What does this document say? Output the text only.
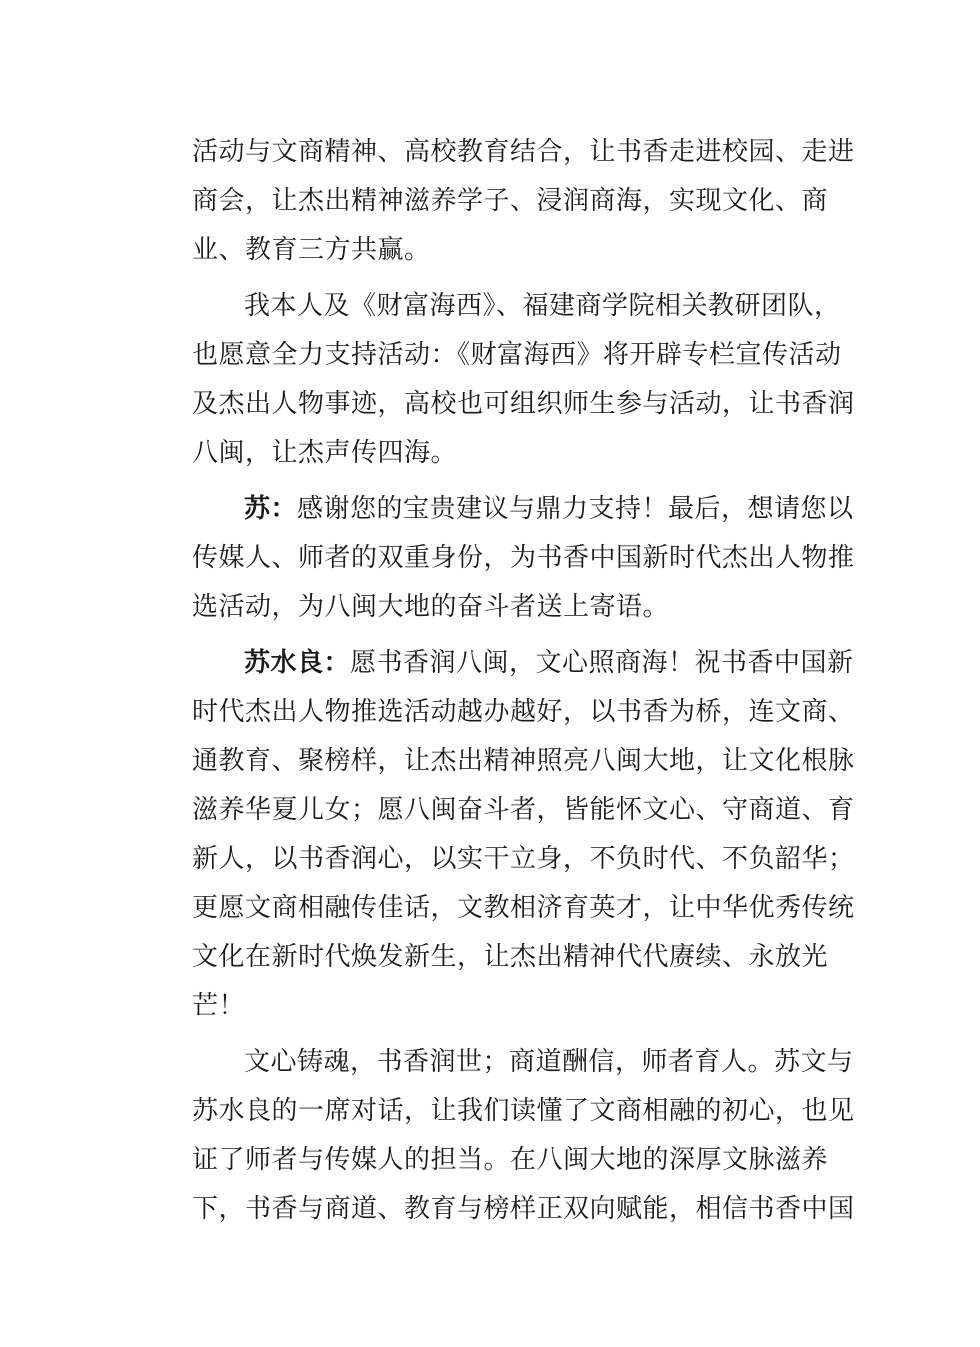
活动与文商精神、高校教育结合，让书香走进校园、走进
商会，让杰出精神滋养学子、浸润商海，实现文化、商
业、教育三方共赢。
我本人及《财富海西》、福建商学院相关教研团队，
也愿意全力支持活动：《财富海西》将开辟专栏宣传活动
及杰出人物事迹，高校也可组织师生参与活动，让书香润
八闽，让杰声传四海。
苏：感谢您的宝贵建议与鼎力支持！最后，想请您以
传媒人、师者的双重身份，为书香中国新时代杰出人物推
选活动，为八闽大地的奋斗者送上寄语。
苏水良：愿书香润八闽，文心照商海！祝书香中国新
时代杰出人物推选活动越办越好，以书香为桥，连文商、
通教育、聚榜样，让杰出精神照亮八闽大地，让文化根脉
滋养华夏儿女；愿八闽奋斗者，皆能怀文心、守商道、育
新人，以书香润心，以实干立身，不负时代、不负韶华；
更愿文商相融传佳话，文教相济育英才，让中华优秀传统
文化在新时代焕发新生，让杰出精神代代赓续、永放光
芒！
文心铸魂，书香润世；商道酬信，师者育人。苏文与
苏水良的一席对话，让我们读懂了文商相融的初心，也见
证了师者与传媒人的担当。在八闽大地的深厚文脉滋养
下，书香与商道、教育与榜样正双向赋能，相信书香中国
